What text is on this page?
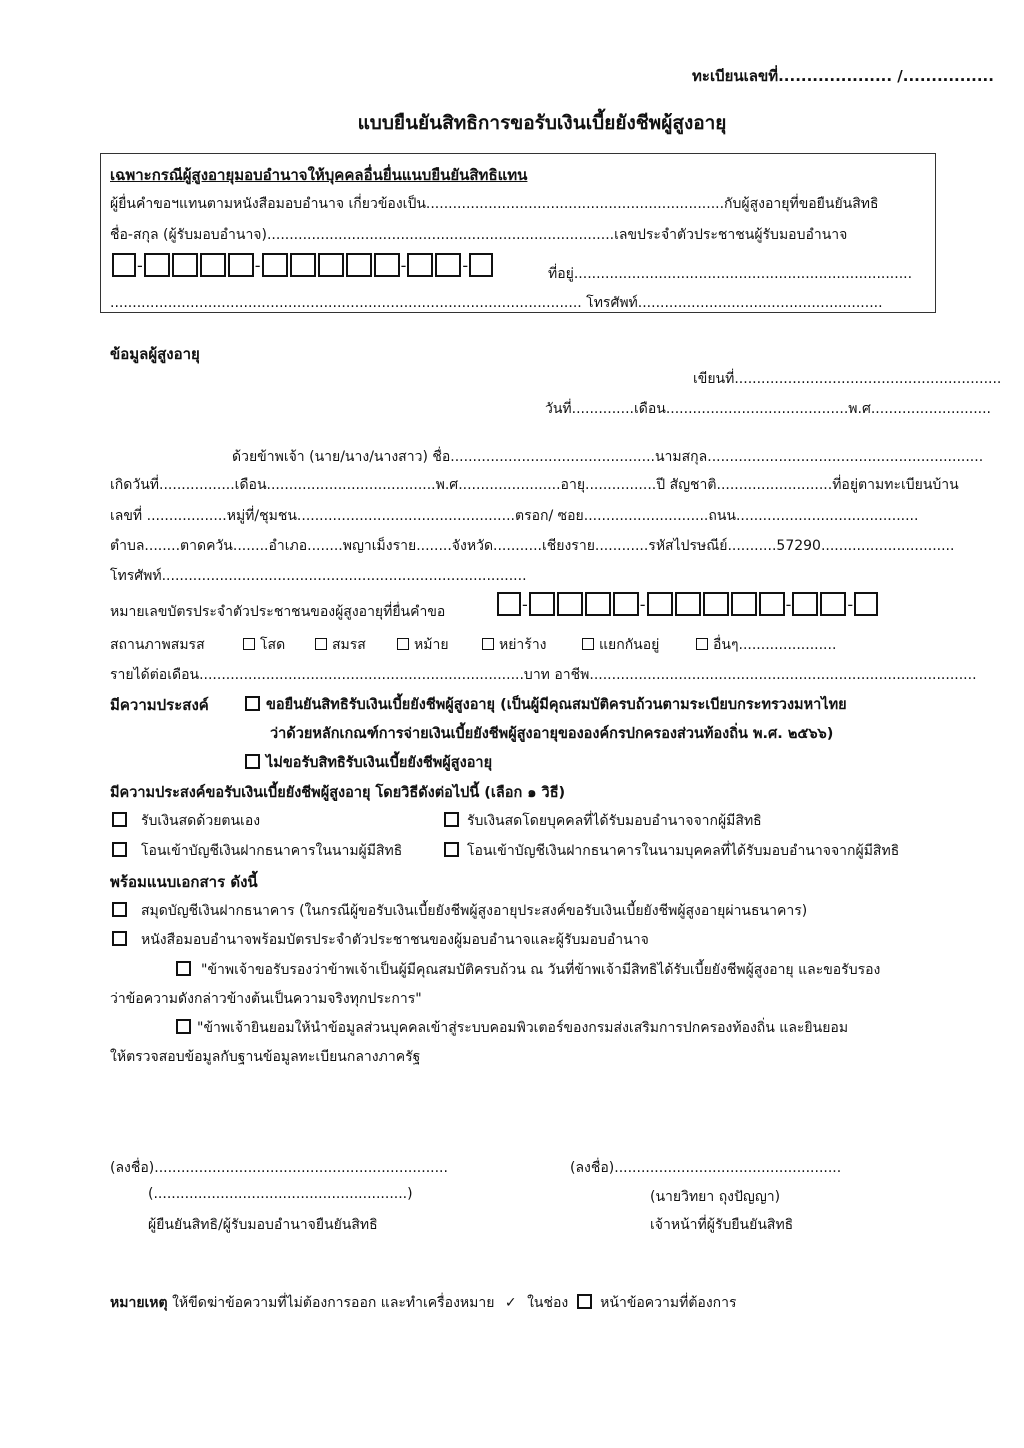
ทะเบียนเลขที่.................... /................
แบบยืนยันสิทธิการขอรับเงินเบี้ยยังชีพผู้สูงอายุ
เฉพาะกรณีผู้สูงอายุมอบอำนาจให้บุคคลอื่นยื่นแนบยืนยันสิทธิแทน
ผู้ยื่นคำขอฯแทนตามหนังสือมอบอำนาจ เกี่ยวข้องเป็น...................................................................กับผู้สูงอายุที่ขอยืนยันสิทธิ
ชื่อ-สกุล (ผู้รับมอบอำนาจ)..............................................................................เลขประจำตัวประชาชนผู้รับมอบอำนาจ
-	-	-	-	ที่อยู่............................................................................
.......................................................................................................... โทรศัพท์.......................................................
ข้อมูลผู้สูงอายุ
เขียนที่............................................................
วันที่..............เดือน.........................................พ.ศ...........................
ด้วยข้าพเจ้า (นาย/นาง/นางสาว) ชื่อ..............................................นามสกุล..............................................................
เกิดวันที่.................เดือน......................................พ.ศ.......................อายุ................ปี สัญชาติ..........................ที่อยู่ตามทะเบียนบ้าน
เลขที่ ..................หมู่ที่/ชุมชน.................................................ตรอก/ ซอย............................ถนน.........................................
ตำบล........ตาดควัน........อำเภอ........พญาเม็งราย........จังหวัด...........เชียงราย............รหัสไปรษณีย์...........57290..............................
โทรศัพท์..................................................................................
หมายเลขบัตรประจำตัวประชาชนของผู้สูงอายุที่ยื่นคำขอ	-	-	-	-
สถานภาพสมรส	โสด	สมรส	หม้าย	หย่าร้าง	แยกกันอยู่	อื่นๆ......................
รายได้ต่อเดือน.........................................................................บาท อาชีพ.......................................................................................
มีความประสงค์	ขอยืนยันสิทธิรับเงินเบี้ยยังชีพผู้สูงอายุ (เป็นผู้มีคุณสมบัติครบถ้วนตามระเบียบกระทรวงมหาไทย
ว่าด้วยหลักเกณฑ์การจ่ายเงินเบี้ยยังชีพผู้สูงอายุขององค์กรปกครองส่วนท้องถิ่น พ.ศ. ๒๕๖๖)
ไม่ขอรับสิทธิรับเงินเบี้ยยังชีพผู้สูงอายุ
มีความประสงค์ขอรับเงินเบี้ยยังชีพผู้สูงอายุ โดยวิธีดังต่อไปนี้ (เลือก ๑ วิธี)
รับเงินสดด้วยตนเอง	รับเงินสดโดยบุคคลที่ได้รับมอบอำนาจจากผู้มีสิทธิ
โอนเข้าบัญชีเงินฝากธนาคารในนามผู้มีสิทธิ	โอนเข้าบัญชีเงินฝากธนาคารในนามบุคคลที่ได้รับมอบอำนาจจากผู้มีสิทธิ
พร้อมแนบเอกสาร ดังนี้
สมุดบัญชีเงินฝากธนาคาร (ในกรณีผู้ขอรับเงินเบี้ยยังชีพผู้สูงอายุประสงค์ขอรับเงินเบี้ยยังชีพผู้สูงอายุผ่านธนาคาร)
หนังสือมอบอำนาจพร้อมบัตรประจำตัวประชาชนของผู้มอบอำนาจและผู้รับมอบอำนาจ
"ข้าพเจ้าขอรับรองว่าข้าพเจ้าเป็นผู้มีคุณสมบัติครบถ้วน ณ วันที่ข้าพเจ้ามีสิทธิได้รับเบี้ยยังชีพผู้สูงอายุ และขอรับรอง
ว่าข้อความดังกล่าวข้างต้นเป็นความจริงทุกประการ"
"ข้าพเจ้ายินยอมให้นำข้อมูลส่วนบุคคลเข้าสู่ระบบคอมพิวเตอร์ของกรมส่งเสริมการปกครองท้องถิ่น และยินยอม
ให้ตรวจสอบข้อมูลกับฐานข้อมูลทะเบียนกลางภาครัฐ
(ลงชื่อ)..................................................................
(.........................................................)
ผู้ยืนยันสิทธิ/ผู้รับมอบอำนาจยืนยันสิทธิ
(ลงชื่อ)...................................................
(นายวิทยา ถุงปัญญา)
เจ้าหน้าที่ผู้รับยืนยันสิทธิ
หมายเหตุ ให้ขีดฆ่าข้อความที่ไม่ต้องการออก และทำเครื่องหมาย ✓ ในช่อง หน้าข้อความที่ต้องการ
